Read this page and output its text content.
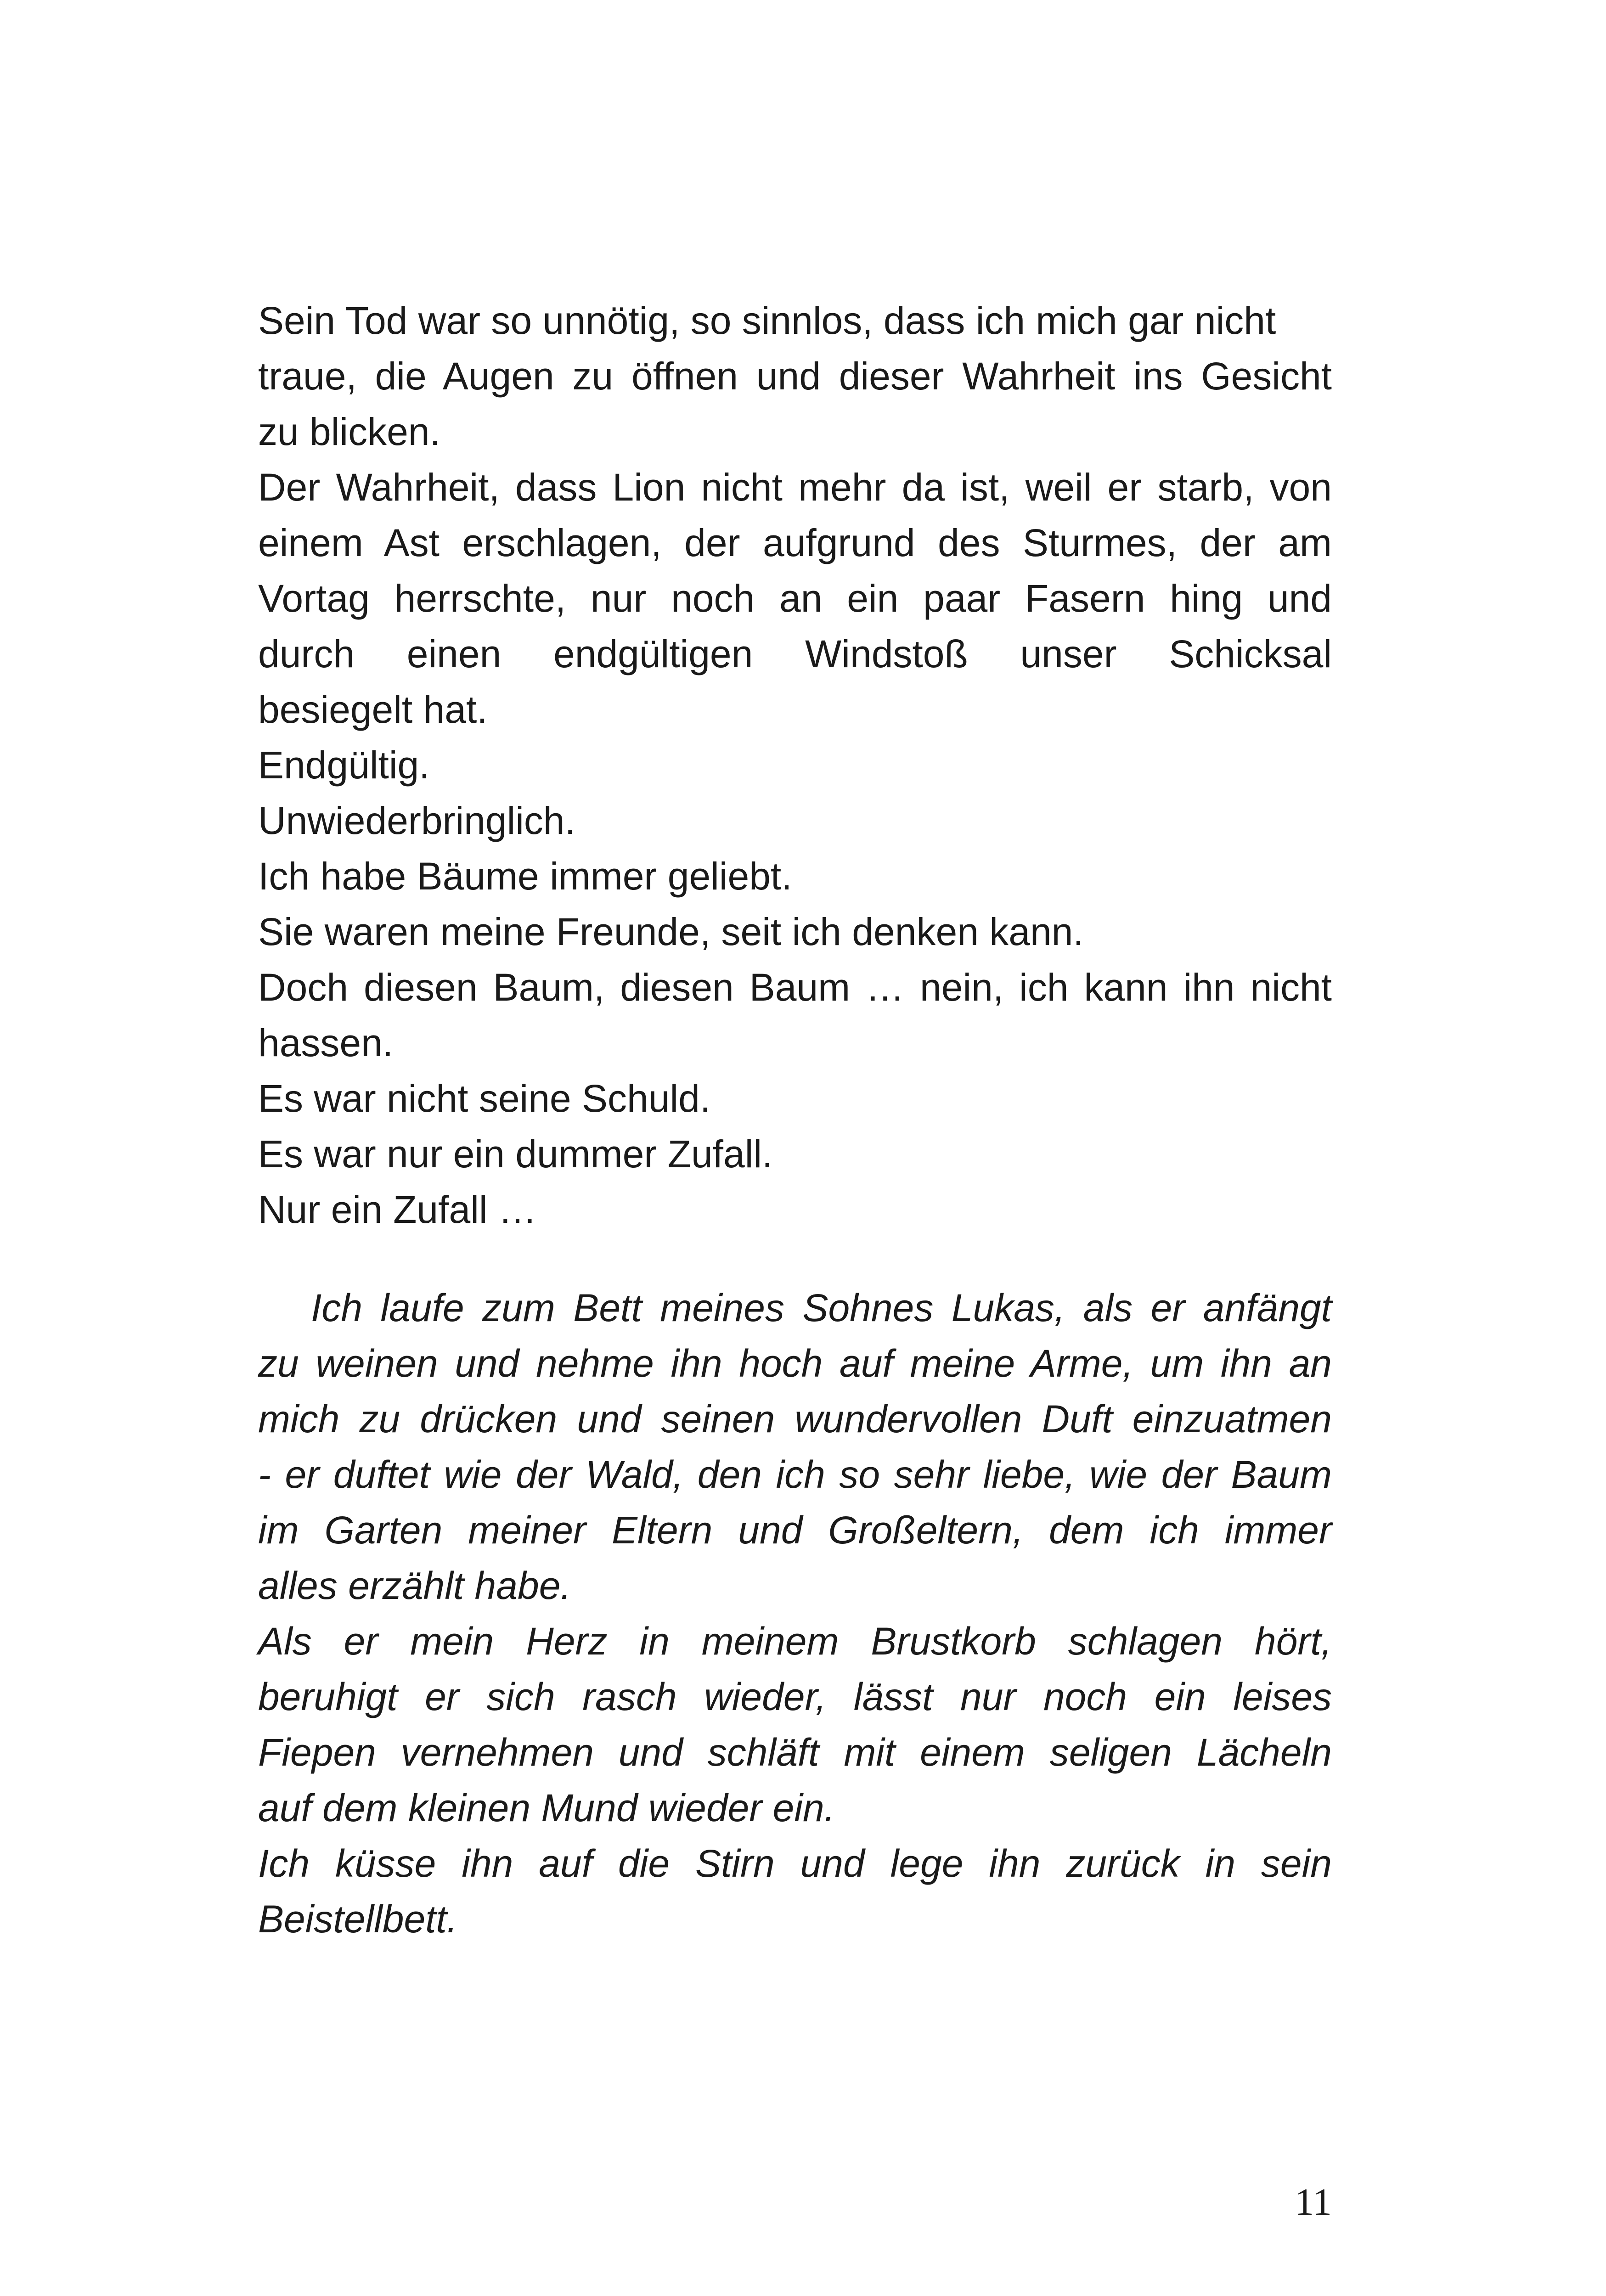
Sein Tod war so unnötig, so sinnlos, dass ich mich gar nicht
traue, die Augen zu öffnen und dieser Wahrheit ins Gesicht
zu blicken.
Der Wahrheit, dass Lion nicht mehr da ist, weil er starb, von
einem Ast erschlagen, der aufgrund des Sturmes, der am
Vortag herrschte, nur noch an ein paar Fasern hing und
durch einen endgültigen Windstoß unser Schicksal
besiegelt hat.
Endgültig.
Unwiederbringlich.
Ich habe Bäume immer geliebt.
Sie waren meine Freunde, seit ich denken kann.
Doch diesen Baum, diesen Baum … nein, ich kann ihn nicht
hassen.
Es war nicht seine Schuld.
Es war nur ein dummer Zufall.
Nur ein Zufall …
Ich laufe zum Bett meines Sohnes Lukas, als er anfängt
zu weinen und nehme ihn hoch auf meine Arme, um ihn an
mich zu drücken und seinen wundervollen Duft einzuatmen
- er duftet wie der Wald, den ich so sehr liebe, wie der Baum
im Garten meiner Eltern und Großeltern, dem ich immer
alles erzählt habe.
Als er mein Herz in meinem Brustkorb schlagen hört,
beruhigt er sich rasch wieder, lässt nur noch ein leises
Fiepen vernehmen und schläft mit einem seligen Lächeln
auf dem kleinen Mund wieder ein.
Ich küsse ihn auf die Stirn und lege ihn zurück in sein
Beistellbett.
11
